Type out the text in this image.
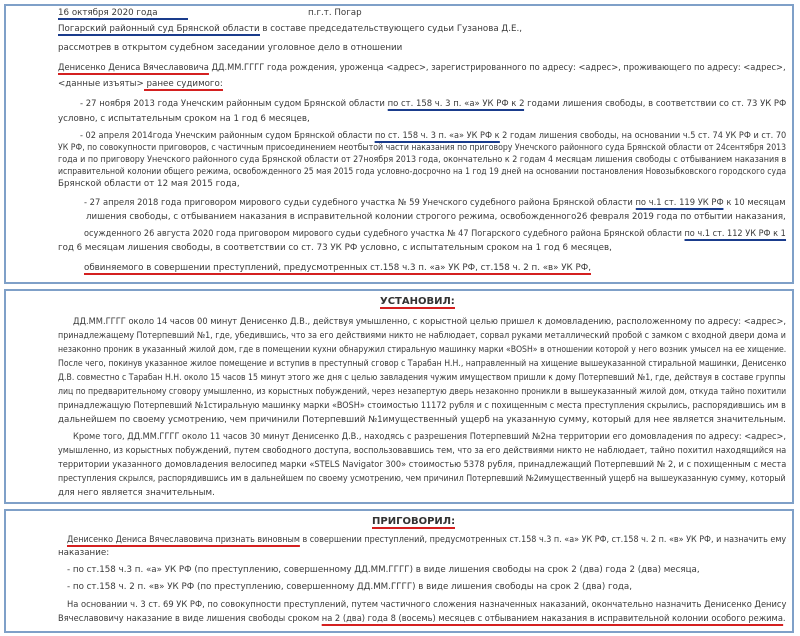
16 октября 2020 года	п.г.т. Погар
Погарский районный суд Брянской области в составе председательствующего судьи Гузанова Д.Е.,
рассмотрев в открытом судебном заседании уголовное дело в отношении
Денисенко Дениса Вячеславовича ДД.ММ.ГГГГ года рождения, уроженца <адрес>, зарегистрированного по адресу: <адрес>, проживающего по адресу: <адрес>,
<данные изъяты> ранее судимого:
- 27 ноября 2013 года Унечским районным судом Брянской области по ст. 158 ч. 3 п. «а» УК РФ к 2 годами лишения свободы, в соответствии со ст. 73 УК РФ
условно, с испытательным сроком на 1 год 6 месяцев,
- 02 апреля 2014года Унечским районным судом Брянской области по ст. 158 ч. 3 п. «а» УК РФ к 2 годам лишения свободы, на основании ч.5 ст. 74 УК РФ и ст. 70
УК РФ, по совокупности приговоров, с частичным присоединением неотбытой части наказания по приговору Унечского районного суда Брянской области от 24сентября 2013
года и по приговору Унечского районного суда Брянской области от 27ноября 2013 года, окончательно к 2 годам 4 месяцам лишения свободы с отбыванием наказания в
исправительной колонии общего режима, освобожденного 25 мая 2015 года условно-досрочно на 1 год 19 дней на основании постановления Новозыбковского городского суда
Брянской области от 12 мая 2015 года,
- 27 апреля 2018 года приговором мирового судьи судебного участка № 59 Унечского судебного района Брянской области по ч.1 ст. 119 УК РФ к 10 месяцам
лишения свободы, с отбыванием наказания в исправительной колонии строгого режима, освобожденного26 февраля 2019 года по отбытии наказания,
осужденного 26 августа 2020 года приговором мирового судьи судебного участка № 47 Погарского судебного района Брянской области по ч.1 ст. 112 УК РФ к 1
год 6 месяцам лишения свободы, в соответствии со ст. 73 УК РФ условно, с испытательным сроком на 1 год 6 месяцев,
обвиняемого в совершении преступлений, предусмотренных ст.158 ч.3 п. «а» УК РФ, ст.158 ч. 2 п. «в» УК РФ,
УСТАНОВИЛ:
ДД.ММ.ГГГГ около 14 часов 00 минут Денисенко Д.В., действуя умышленно, с корыстной целью пришел к домовладению, расположенному по адресу: <адрес>,
принадлежащему Потерпевший №1, где, убедившись, что за его действиями никто не наблюдает, сорвал руками металлический пробой с замком с входной двери дома и
незаконно проник в указанный жилой дом, где в помещении кухни обнаружил стиральную машинку марки «BOSH» в отношении которой у него возник умысел на ее хищение.
После чего, покинув указанное жилое помещение и вступив в преступный сговор с Тарабан Н.Н., направленный на хищение вышеуказанной стиральной машинки, Денисенко
Д.В. совместно с Тарабан Н.Н. около 15 часов 15 минут этого же дня с целью завладения чужим имуществом пришли к дому Потерпевший №1, где, действуя в составе группы
лиц по предварительному сговору умышленно, из корыстных побуждений, через незапертую дверь незаконно проникли в вышеуказанный жилой дом, откуда тайно похитили
принадлежащую Потерпевший №1стиральную машинку марки «BOSH» стоимостью 11172 рубля и с похищенным с места преступления скрылись, распорядившись им в
дальнейшем по своему усмотрению, чем причинили Потерпевший №1имущественный ущерб на указанную сумму, который для нее является значительным.
Кроме того, ДД.ММ.ГГГГ около 11 часов 30 минут Денисенко Д.В., находясь с разрешения Потерпевший №2на территории его домовладения по адресу: <адрес>,
умышленно, из корыстных побуждений, путем свободного доступа, воспользовавшись тем, что за его действиями никто не наблюдает, тайно похитил находящийся на
территории указанного домовладения велосипед марки «STELS Navigator 300» стоимостью 5378 рубля, принадлежащий Потерпевший № 2, и с похищенным с места
преступления скрылся, распорядившись им в дальнейшем по своему усмотрению, чем причинил Потерпевший №2имущественный ущерб на вышеуказанную сумму, который
для него является значительным.
ПРИГОВОРИЛ:
Денисенко Дениса Вячеславовича признать виновным в совершении преступлений, предусмотренных ст.158 ч.3 п. «а» УК РФ, ст.158 ч. 2 п. «в» УК РФ, и назначить ему
наказание:
- по ст.158 ч.3 п. «а» УК РФ (по преступлению, совершенному ДД.ММ.ГГГГ) в виде лишения свободы на срок 2 (два) года 2 (два) месяца,
- по ст.158 ч. 2 п. «в» УК РФ (по преступлению, совершенному ДД.ММ.ГГГГ) в виде лишения свободы на срок 2 (два) года,
На основании ч. 3 ст. 69 УК РФ, по совокупности преступлений, путем частичного сложения назначенных наказаний, окончательно назначить Денисенко Денису
Вячеславовичу наказание в виде лишения свободы сроком на 2 (два) года 8 (восемь) месяцев с отбыванием наказания в исправительной колонии особого режима.
